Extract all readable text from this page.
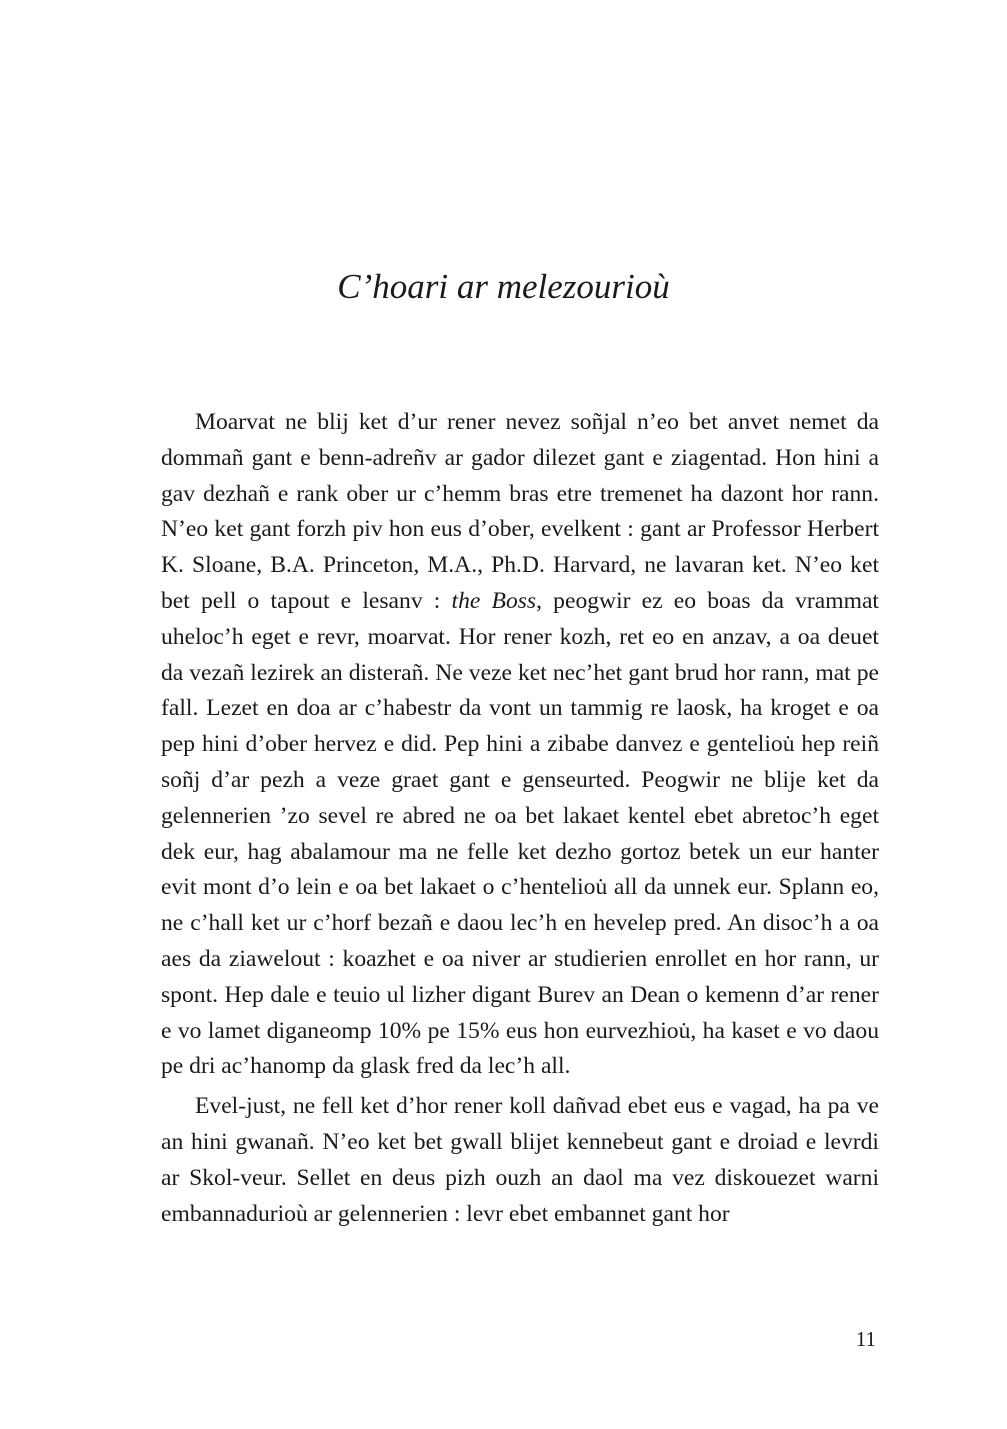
C’hoari ar melezourioù

Moarvat ne blij ket d’ur rener nevez soñjal n’eo bet anvet nemet da dommañ gant e benn-adreñv ar gador dilezet gant e ziagentad. Hon hini a gav dezhañ e rank ober ur c’hemm bras etre tremenet ha dazont hor rann. N’eo ket gant forzh piv hon eus d’ober, evelkent : gant ar Professor Herbert K. Sloane, B.A. Princeton, M.A., Ph.D. Harvard, ne lavaran ket. N’eo ket bet pell o tapout e lesanv : the Boss, peogwir ez eo boas da vrammat uheloc’h eget e revr, moarvat. Hor rener kozh, ret eo en anzav, a oa deuet da vezañ lezirek an disterañ. Ne veze ket nec’het gant brud hor rann, mat pe fall. Lezet en doa ar c’habestr da vont un tammig re laosk, ha kroget e oa pep hini d’ober hervez e did. Pep hini a zibabe danvez e genteliou̇ hep reiñ soñj d’ar pezh a veze graet gant e genseurted. Peogwir ne blije ket da gelennerien ’zo sevel re abred ne oa bet lakaet kentel ebet abretoc’h eget dek eur, hag abalamour ma ne felle ket dezho gortoz betek un eur hanter evit mont d’o lein e oa bet lakaet o c’henteliou̇ all da unnek eur. Splann eo, ne c’hall ket ur c’horf bezañ e daou lec’h en hevelep pred. An disoc’h a oa aes da ziawelout : koazhet e oa niver ar studierien enrollet en hor rann, ur spont. Hep dale e teuio ul lizher digant Burev an Dean o kemenn d’ar rener e vo lamet diganeomp 10% pe 15% eus hon eurvezhiou̇, ha kaset e vo daou pe dri ac’hanomp da glask fred da lec’h all.

Evel-just, ne fell ket d’hor rener koll dañvad ebet eus e vagad, ha pa ve an hini gwanañ. N’eo ket bet gwall blijet kennebeut gant e droiad e levrdi ar Skol-veur. Sellet en deus pizh ouzh an daol ma vez diskouezet warni embannadurioù ar gelennerien : levr ebet embannet gant hor

11
